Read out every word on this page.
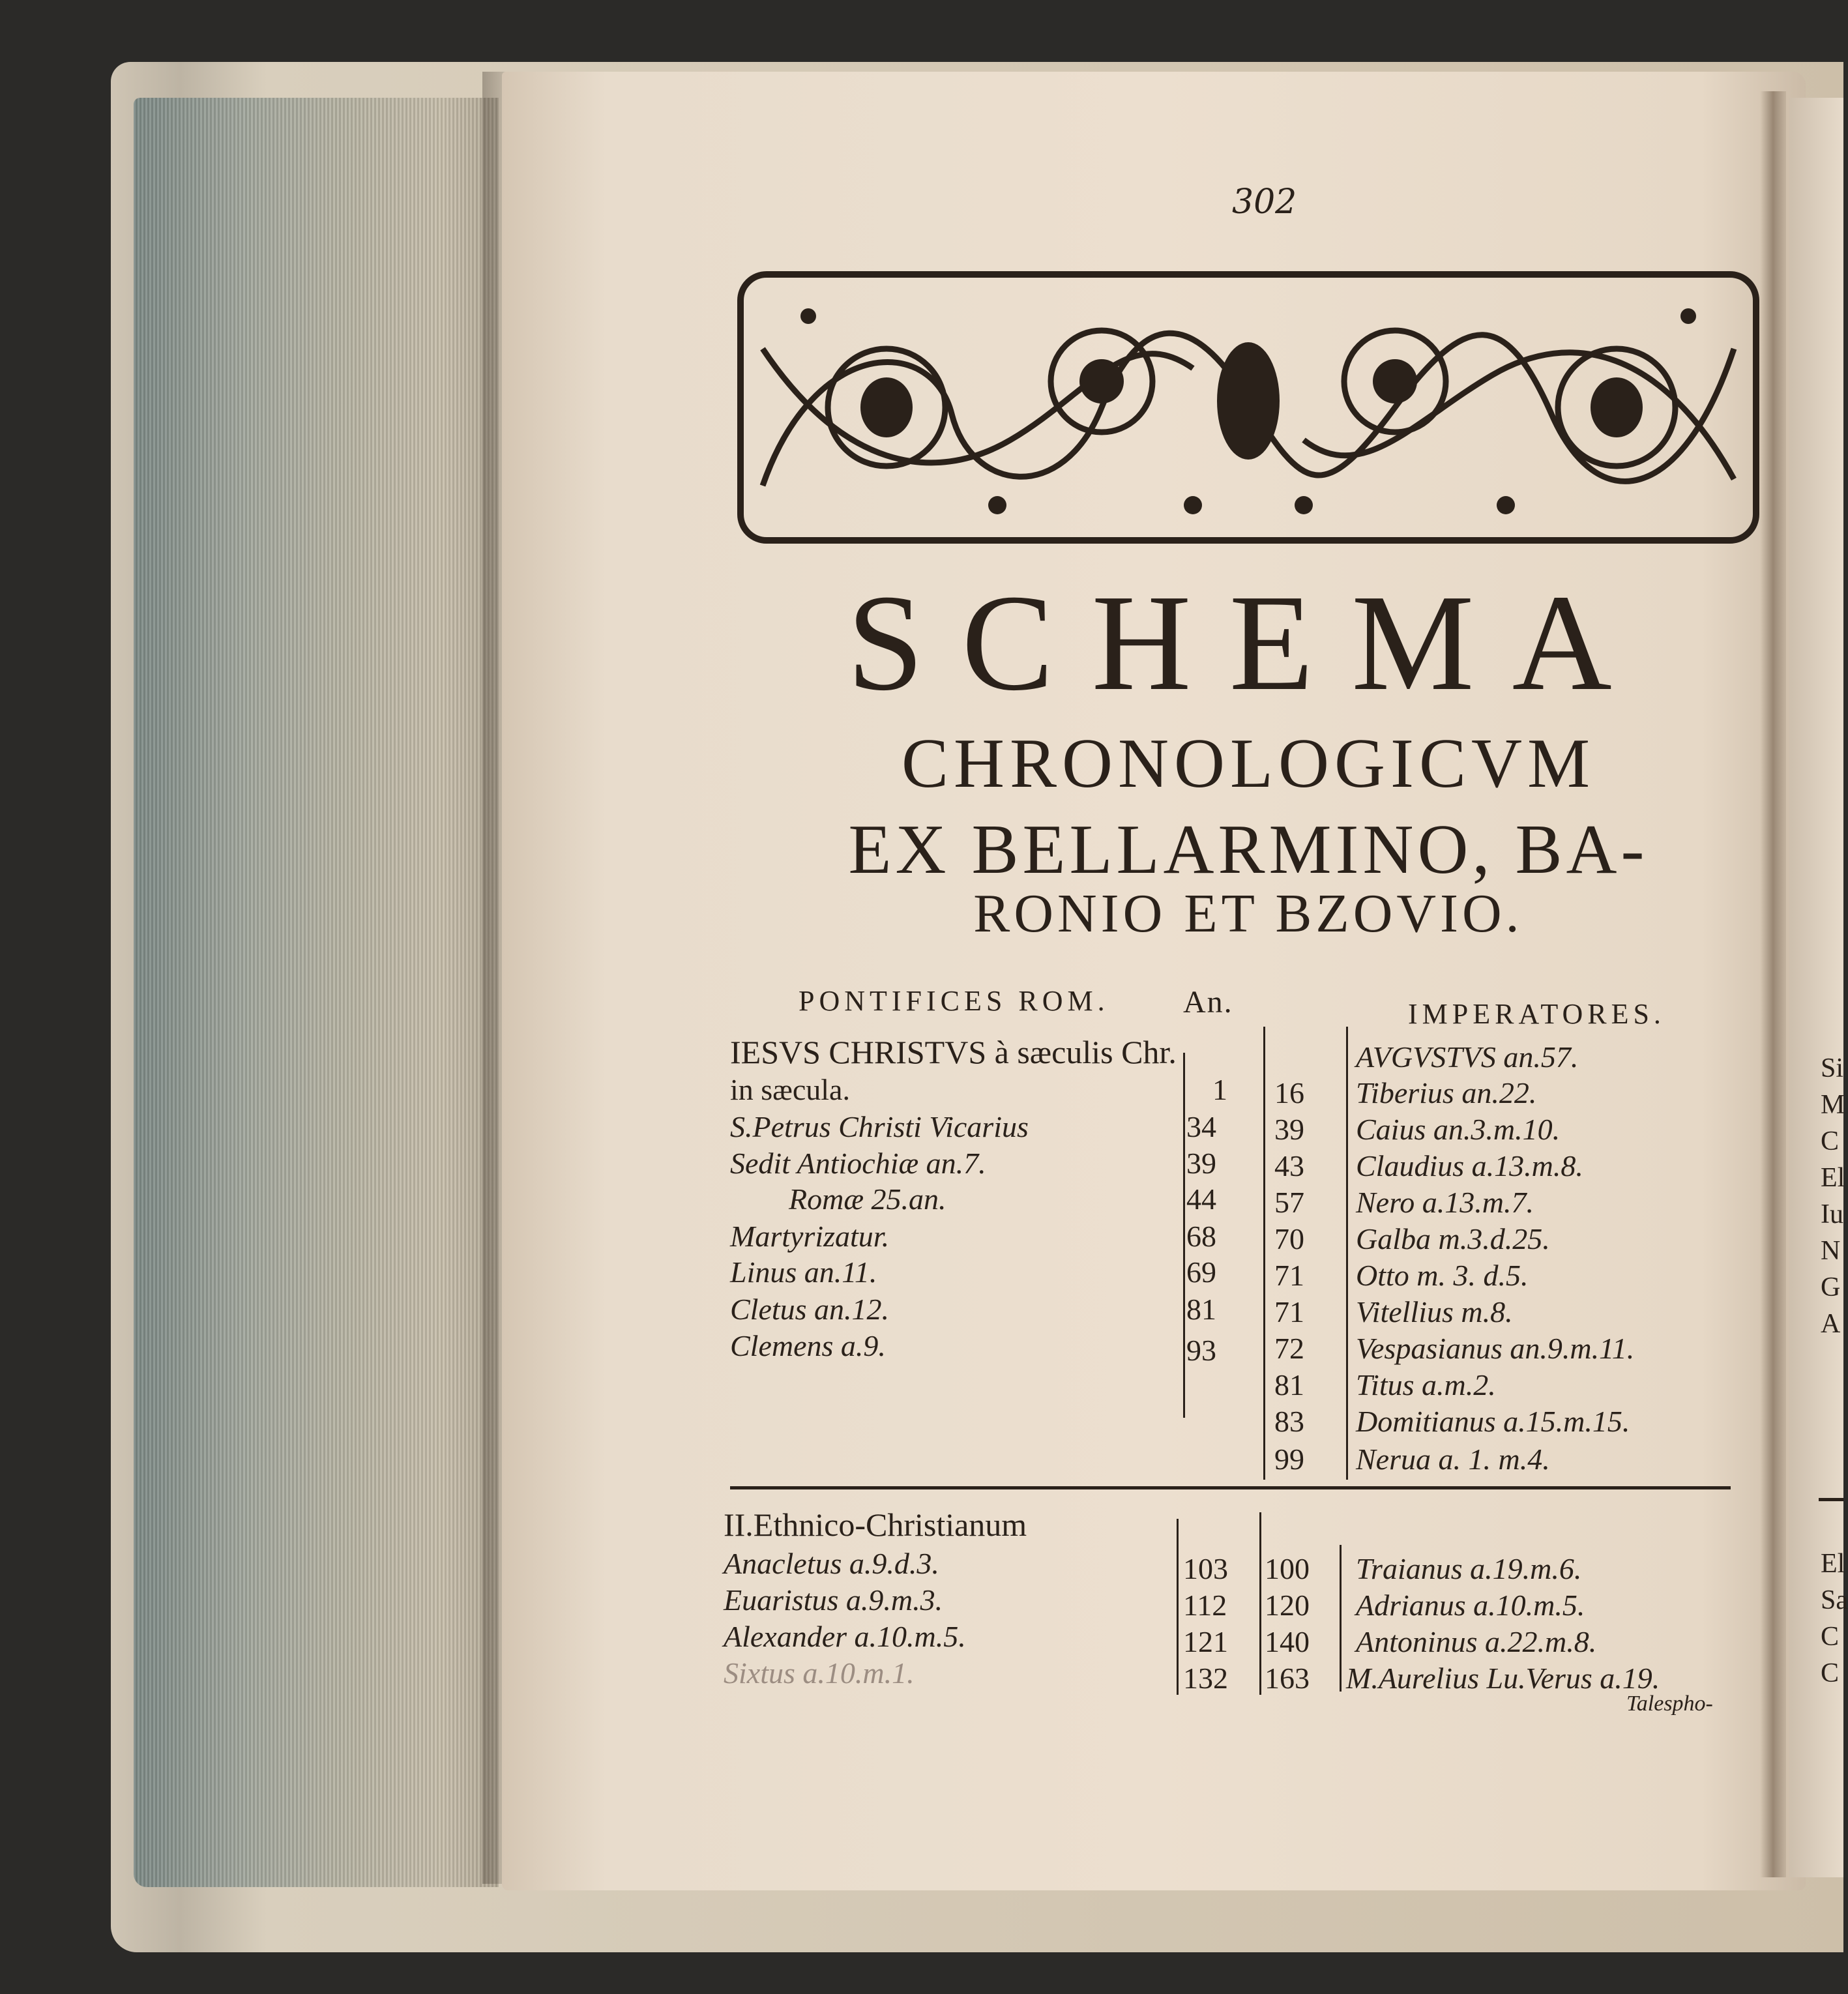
302
SCHEMA
CHRONOLOGICVM
EX BELLARMINO, BA-
RONIO ET BZOVIO.
PONTIFICES ROM. An.	IMPERATORES.
IESVS CHRISTVS à sæculis Chr.
in sæcula.
S.Petrus Christi Vicarius
Sedit Antiochiæ an.7.
Romæ 25.an.
Martyrizatur.
Linus an.11.
Cletus an.12.
Clemens a.9.
1
34
39
44
68
69
81
93
16
39
43
57
70
71
71
72
81
83
99
AVGVSTVS an.57.
Tiberius an.22.
Caius an.3.m.10.
Claudius a.13.m.8.
Nero a.13.m.7.
Galba m.3.d.25.
Otto m. 3. d.5.
Vitellius m.8.
Vespasianus an.9.m.11.
Titus a.m.2.
Domitianus a.15.m.15.
Nerua a. 1. m.4.
II.Ethnico-Christianum
Anacletus a.9.d.3.
Euaristus a.9.m.3.
Alexander a.10.m.5.
Sixtus a.10.m.1.
103
112
121
132
100
120
140
163
Traianus a.19.m.6.
Adrianus a.10.m.5.
Antoninus a.22.m.8.
M.Aurelius Lu.Verus a.19.
Talespho-
Si
M
C
El
Iu
N
G
A
El
Sa
C
C
